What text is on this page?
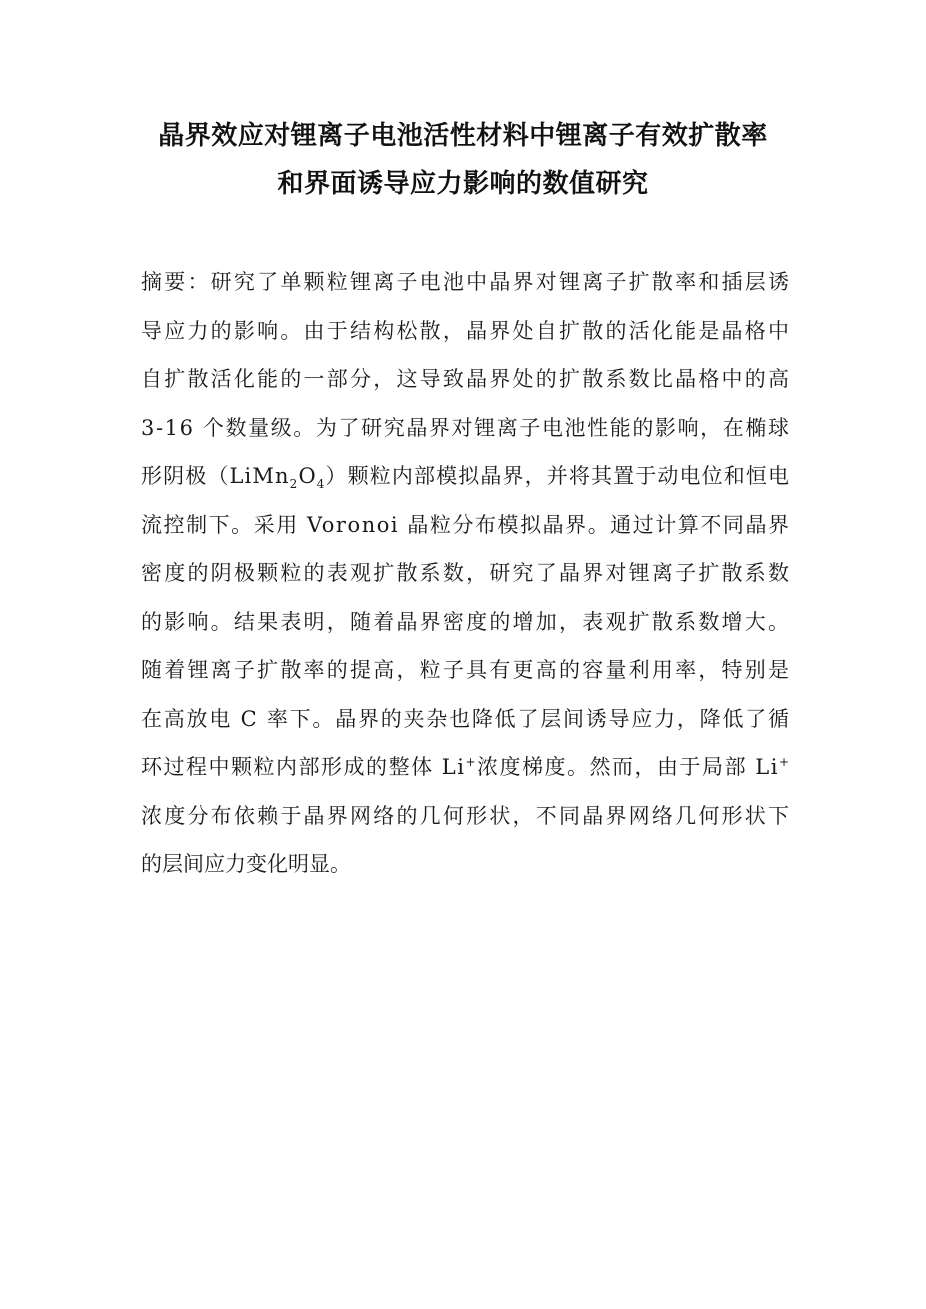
晶界效应对锂离子电池活性材料中锂离子有效扩散率
和界面诱导应力影响的数值研究
摘要：研究了单颗粒锂离子电池中晶界对锂离子扩散率和插层诱
导应力的影响。由于结构松散，晶界处自扩散的活化能是晶格中
自扩散活化能的一部分，这导致晶界处的扩散系数比晶格中的高
3-16 个数量级。为了研究晶界对锂离子电池性能的影响，在椭球
形阴极$(LiMn_2O_4)$颗粒内部模拟晶界，并将其置于动电位和恒电
流控制下。采用 Voronoi 晶粒分布模拟晶界。通过计算不同晶界
密度的阴极颗粒的表观扩散系数，研究了晶界对锂离子扩散系数
的影响。结果表明，随着晶界密度的增加，表观扩散系数增大。
随着锂离子扩散率的提高，粒子具有更高的容量利用率，特别是
在高放电 C 率下。晶界的夹杂也降低了层间诱导应力，降低了循
环过程中颗粒内部形成的整体 Li+浓度梯度。然而，由于局部 Li+
浓度分布依赖于晶界网络的几何形状，不同晶界网络几何形状下
的层间应力变化明显。
